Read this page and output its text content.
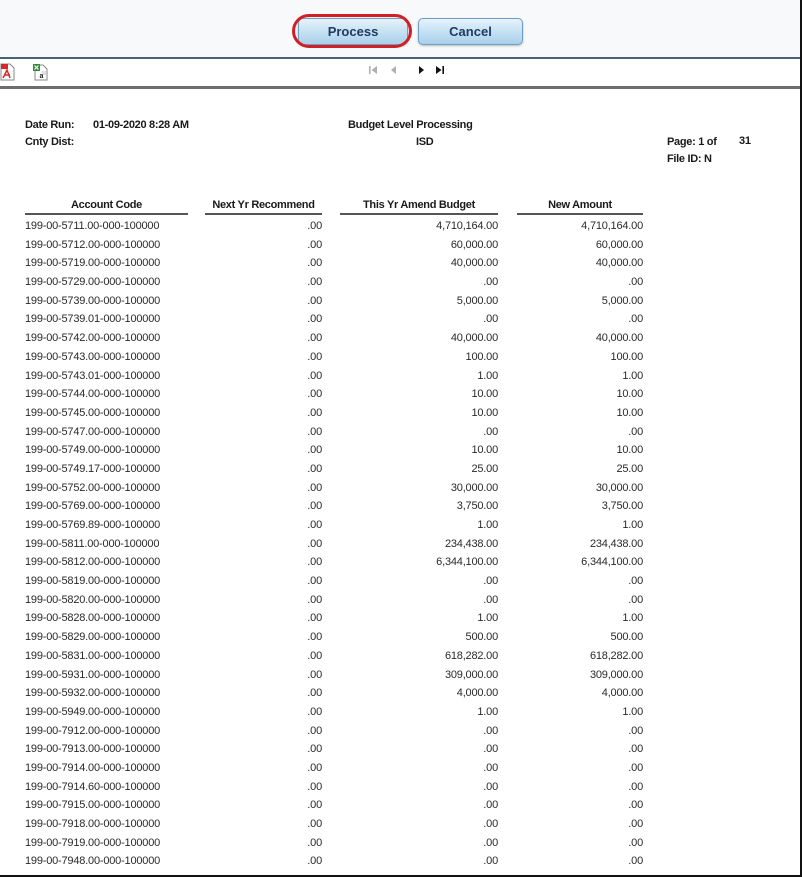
Process	Cancel
a
Date Run: 01-09-2020 8:28 AM
Cnty Dist:
Budget Level Processing
ISD	Page: 1 of 31
File ID: N
Account Code	Next Yr Recommend	This Yr Amend Budget	New Amount
199-00-5711.00-000-100000	.00	4,710,164.00	4,710,164.00
199-00-5712.00-000-100000	.00	60,000.00	60,000.00
199-00-5719.00-000-100000	.00	40,000.00	40,000.00
199-00-5729.00-000-100000	.00	.00	.00
199-00-5739.00-000-100000	.00	5,000.00	5,000.00
199-00-5739.01-000-100000	.00	.00	.00
199-00-5742.00-000-100000	.00	40,000.00	40,000.00
199-00-5743.00-000-100000	.00	100.00	100.00
199-00-5743.01-000-100000	.00	1.00	1.00
199-00-5744.00-000-100000	.00	10.00	10.00
199-00-5745.00-000-100000	.00	10.00	10.00
199-00-5747.00-000-100000	.00	.00	.00
199-00-5749.00-000-100000	.00	10.00	10.00
199-00-5749.17-000-100000	.00	25.00	25.00
199-00-5752.00-000-100000	.00	30,000.00	30,000.00
199-00-5769.00-000-100000	.00	3,750.00	3,750.00
199-00-5769.89-000-100000	.00	1.00	1.00
199-00-5811.00-000-100000	.00	234,438.00	234,438.00
199-00-5812.00-000-100000	.00	6,344,100.00	6,344,100.00
199-00-5819.00-000-100000	.00	.00	.00
199-00-5820.00-000-100000	.00	.00	.00
199-00-5828.00-000-100000	.00	1.00	1.00
199-00-5829.00-000-100000	.00	500.00	500.00
199-00-5831.00-000-100000	.00	618,282.00	618,282.00
199-00-5931.00-000-100000	.00	309,000.00	309,000.00
199-00-5932.00-000-100000	.00	4,000.00	4,000.00
199-00-5949.00-000-100000	.00	1.00	1.00
199-00-7912.00-000-100000	.00	.00	.00
199-00-7913.00-000-100000	.00	.00	.00
199-00-7914.00-000-100000	.00	.00	.00
199-00-7914.60-000-100000	.00	.00	.00
199-00-7915.00-000-100000	.00	.00	.00
199-00-7918.00-000-100000	.00	.00	.00
199-00-7919.00-000-100000	.00	.00	.00
199-00-7948.00-000-100000	.00	.00	.00
